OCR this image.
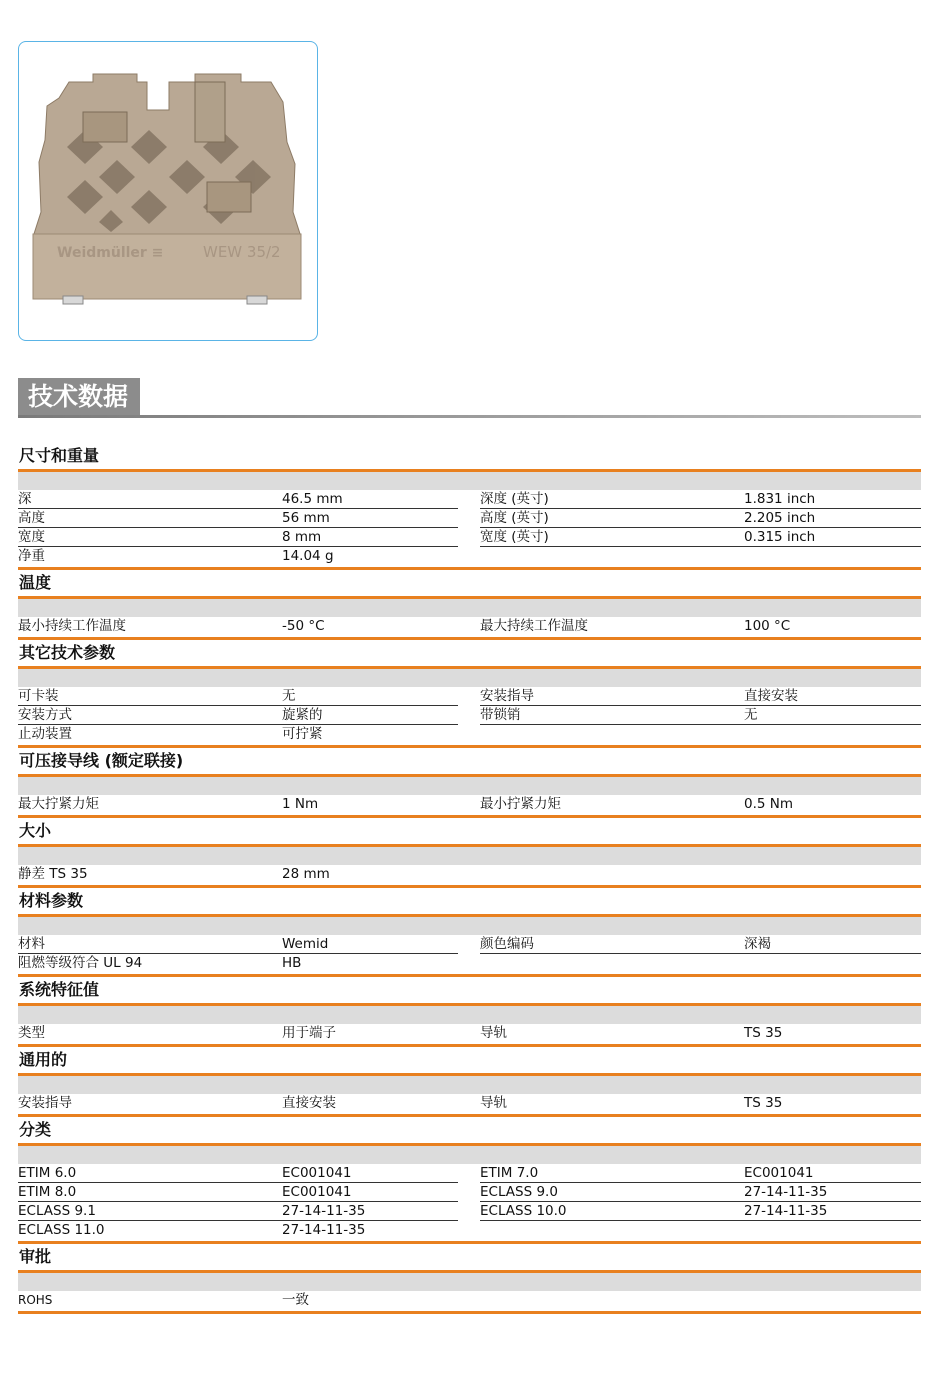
Weidmüller ≡	WEW 35/2
技术数据
尺寸和重量
深	46.5 mm	深度 (英寸)	1.831 inch
高度	56 mm	高度 (英寸)	2.205 inch
宽度	8 mm	宽度 (英寸)	0.315 inch
净重	14.04 g
温度
最小持续工作温度	-50 °C	最大持续工作温度	100 °C
其它技术参数
可卡装	无	安装指导	直接安装
安装方式	旋紧的	带锁销	无
止动装置	可拧紧
可压接导线 (额定联接)
最大拧紧力矩	1 Nm	最小拧紧力矩	0.5 Nm
大小
静差 TS 35	28 mm
材料参数
材料	Wemid	颜色编码	深褐
阻燃等级符合 UL 94	HB
系统特征值
类型	用于端子	导轨	TS 35
通用的
安装指导	直接安装	导轨	TS 35
分类
ETIM 6.0	EC001041	ETIM 7.0	EC001041
ETIM 8.0	EC001041	ECLASS 9.0	27-14-11-35
ECLASS 9.1	27-14-11-35	ECLASS 10.0	27-14-11-35
ECLASS 11.0	27-14-11-35
审批
ROHS	一致
